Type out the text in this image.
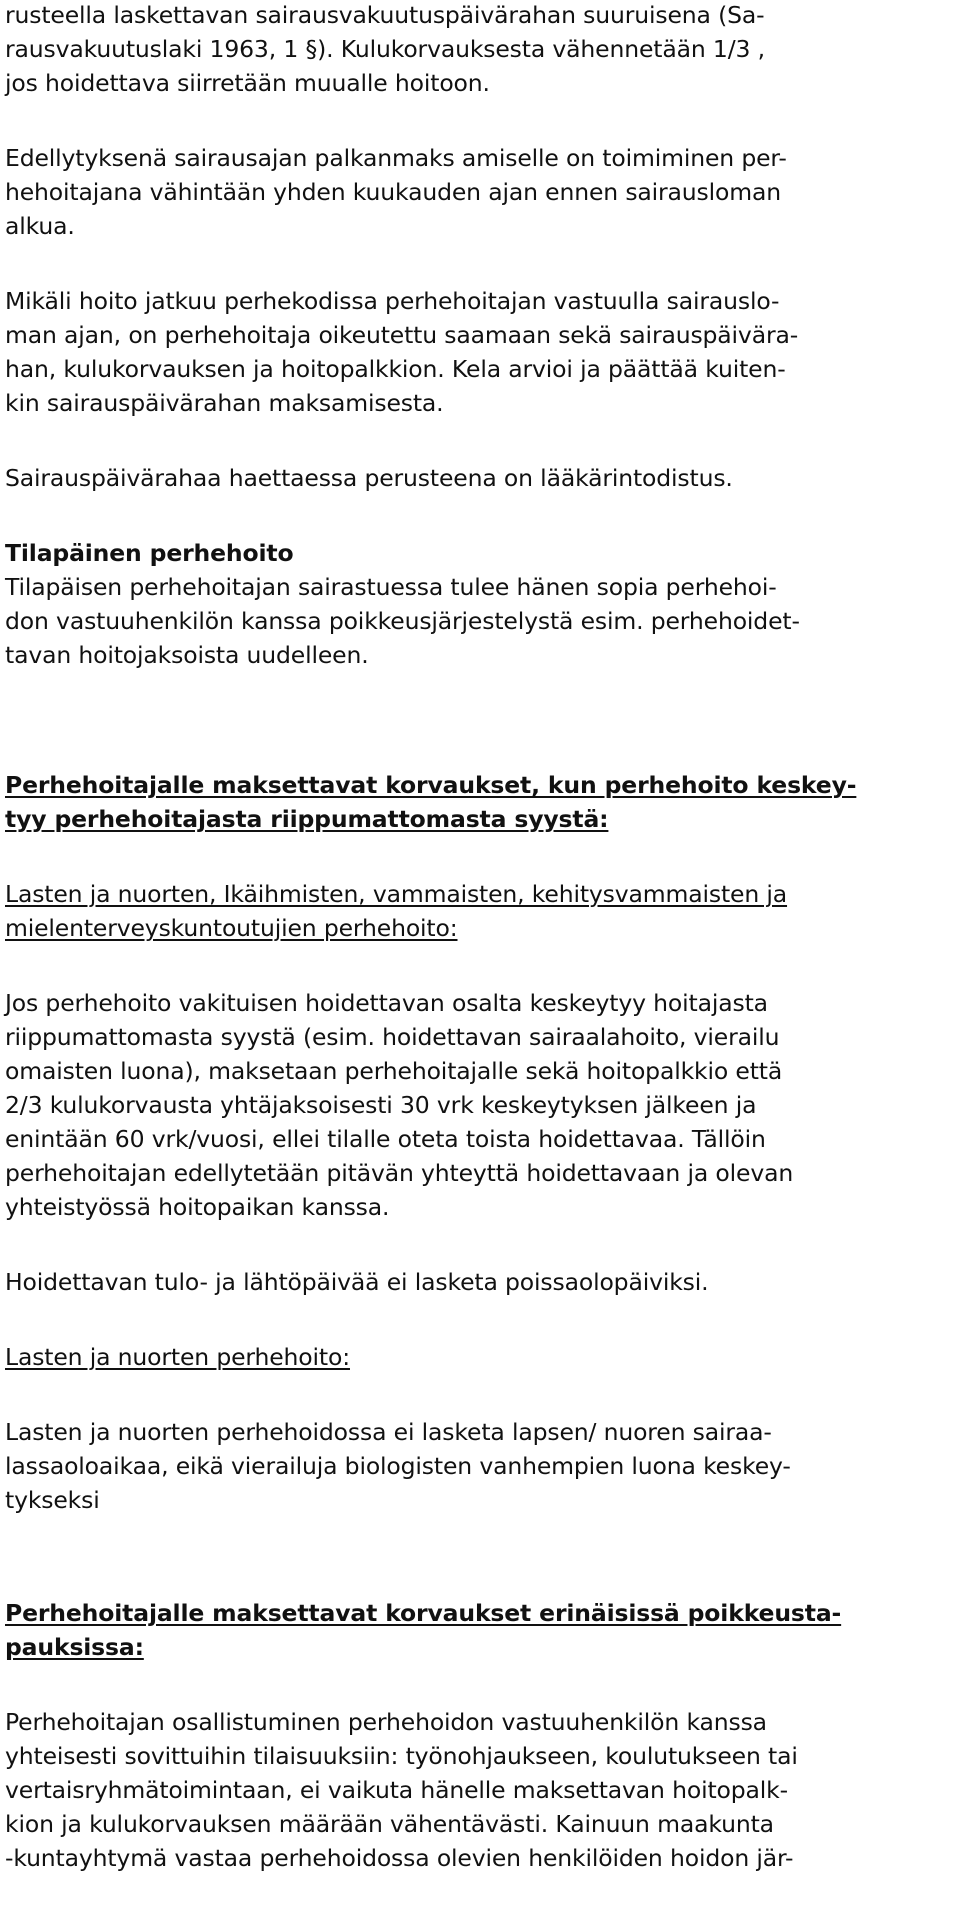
rusteella laskettavan sairausvakuutuspäivärahan suuruisena (Sa-
rausvakuutuslaki 1963, 1 §). Kulukorvauksesta vähennetään 1/3 ,
jos hoidettava siirretään muualle hoitoon.
Edellytyksenä sairausajan palkanmaks amiselle on toimiminen per-
hehoitajana vähintään yhden kuukauden ajan ennen sairausloman
alkua.
Mikäli hoito jatkuu perhekodissa perhehoitajan vastuulla sairauslo-
man ajan, on perhehoitaja oikeutettu saamaan sekä sairauspäivära-
han, kulukorvauksen ja hoitopalkkion. Kela arvioi ja päättää kuiten-
kin sairauspäivärahan maksamisesta.
Sairauspäivärahaa haettaessa perusteena on lääkärintodistus.
Tilapäinen perhehoito
Tilapäisen perhehoitajan sairastuessa tulee hänen sopia perhehoi-
don vastuuhenkilön kanssa poikkeusjärjestelystä esim. perhehoidet-
tavan hoitojaksoista uudelleen.
Perhehoitajalle maksettavat korvaukset, kun perhehoito keskey-
tyy perhehoitajasta riippumattomasta syystä:
Lasten ja nuorten, Ikäihmisten, vammaisten, kehitysvammaisten ja
mielenterveyskuntoutujien perhehoito:
Jos perhehoito vakituisen hoidettavan osalta keskeytyy hoitajasta
riippumattomasta syystä (esim. hoidettavan sairaalahoito, vierailu
omaisten luona), maksetaan perhehoitajalle sekä hoitopalkkio että
2/3 kulukorvausta yhtäjaksoisesti 30 vrk keskeytyksen jälkeen ja
enintään 60 vrk/vuosi, ellei tilalle oteta toista hoidettavaa. Tällöin
perhehoitajan edellytetään pitävän yhteyttä hoidettavaan ja olevan
yhteistyössä hoitopaikan kanssa.
Hoidettavan tulo- ja lähtöpäivää ei lasketa poissaolopäiviksi.
Lasten ja nuorten perhehoito:
Lasten ja nuorten perhehoidossa ei lasketa lapsen/ nuoren sairaa-
lassaoloaikaa, eikä vierailuja biologisten vanhempien luona keskey-
tykseksi
Perhehoitajalle maksettavat korvaukset erinäisissä poikkeusta-
pauksissa:
Perhehoitajan osallistuminen perhehoidon vastuuhenkilön kanssa
yhteisesti sovittuihin tilaisuuksiin: työnohjaukseen, koulutukseen tai
vertaisryhmätoimintaan, ei vaikuta hänelle maksettavan hoitopalk-
kion ja kulukorvauksen määrään vähentävästi. Kainuun maakunta
-kuntayhtymä vastaa perhehoidossa olevien henkilöiden hoidon jär-
